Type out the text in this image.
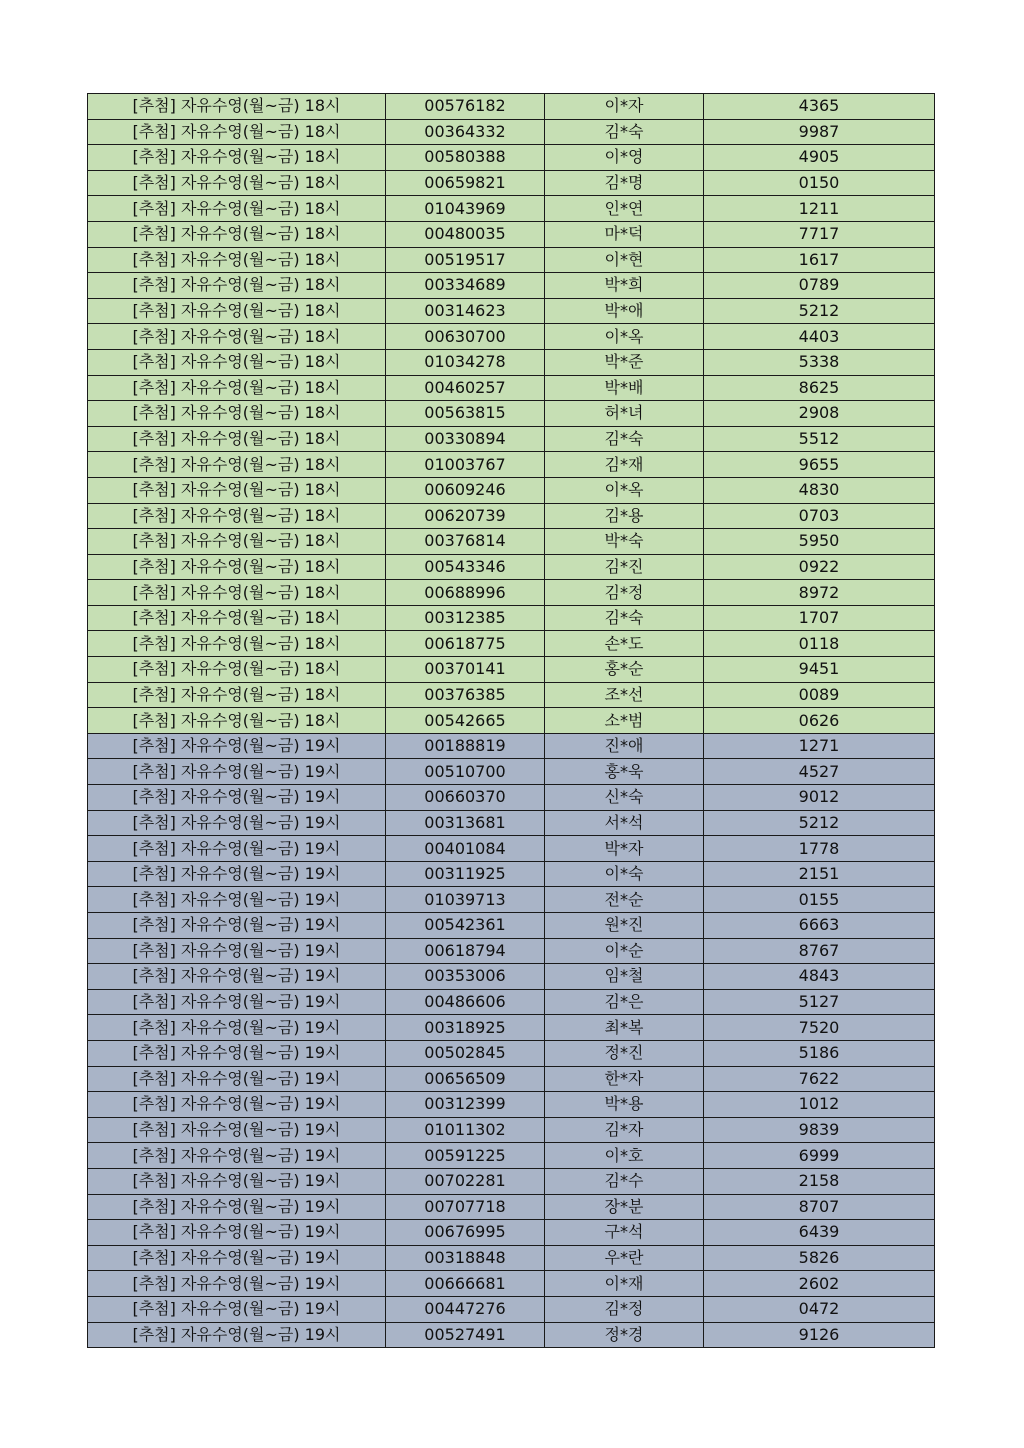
[추첨] 자유수영(월~금) 18시	00576182	이*자	4365
[추첨] 자유수영(월~금) 18시	00364332	김*숙	9987
[추첨] 자유수영(월~금) 18시	00580388	이*영	4905
[추첨] 자유수영(월~금) 18시	00659821	김*명	0150
[추첨] 자유수영(월~금) 18시	01043969	인*연	1211
[추첨] 자유수영(월~금) 18시	00480035	마*덕	7717
[추첨] 자유수영(월~금) 18시	00519517	이*현	1617
[추첨] 자유수영(월~금) 18시	00334689	박*희	0789
[추첨] 자유수영(월~금) 18시	00314623	박*애	5212
[추첨] 자유수영(월~금) 18시	00630700	이*옥	4403
[추첨] 자유수영(월~금) 18시	01034278	박*준	5338
[추첨] 자유수영(월~금) 18시	00460257	박*배	8625
[추첨] 자유수영(월~금) 18시	00563815	허*녀	2908
[추첨] 자유수영(월~금) 18시	00330894	김*숙	5512
[추첨] 자유수영(월~금) 18시	01003767	김*재	9655
[추첨] 자유수영(월~금) 18시	00609246	이*옥	4830
[추첨] 자유수영(월~금) 18시	00620739	김*용	0703
[추첨] 자유수영(월~금) 18시	00376814	박*숙	5950
[추첨] 자유수영(월~금) 18시	00543346	김*진	0922
[추첨] 자유수영(월~금) 18시	00688996	김*정	8972
[추첨] 자유수영(월~금) 18시	00312385	김*숙	1707
[추첨] 자유수영(월~금) 18시	00618775	손*도	0118
[추첨] 자유수영(월~금) 18시	00370141	홍*순	9451
[추첨] 자유수영(월~금) 18시	00376385	조*선	0089
[추첨] 자유수영(월~금) 18시	00542665	소*범	0626
[추첨] 자유수영(월~금) 19시	00188819	진*애	1271
[추첨] 자유수영(월~금) 19시	00510700	홍*욱	4527
[추첨] 자유수영(월~금) 19시	00660370	신*숙	9012
[추첨] 자유수영(월~금) 19시	00313681	서*석	5212
[추첨] 자유수영(월~금) 19시	00401084	박*자	1778
[추첨] 자유수영(월~금) 19시	00311925	이*숙	2151
[추첨] 자유수영(월~금) 19시	01039713	전*순	0155
[추첨] 자유수영(월~금) 19시	00542361	원*진	6663
[추첨] 자유수영(월~금) 19시	00618794	이*순	8767
[추첨] 자유수영(월~금) 19시	00353006	임*철	4843
[추첨] 자유수영(월~금) 19시	00486606	김*은	5127
[추첨] 자유수영(월~금) 19시	00318925	최*복	7520
[추첨] 자유수영(월~금) 19시	00502845	정*진	5186
[추첨] 자유수영(월~금) 19시	00656509	한*자	7622
[추첨] 자유수영(월~금) 19시	00312399	박*용	1012
[추첨] 자유수영(월~금) 19시	01011302	김*자	9839
[추첨] 자유수영(월~금) 19시	00591225	이*호	6999
[추첨] 자유수영(월~금) 19시	00702281	김*수	2158
[추첨] 자유수영(월~금) 19시	00707718	장*분	8707
[추첨] 자유수영(월~금) 19시	00676995	구*석	6439
[추첨] 자유수영(월~금) 19시	00318848	우*란	5826
[추첨] 자유수영(월~금) 19시	00666681	이*재	2602
[추첨] 자유수영(월~금) 19시	00447276	김*정	0472
[추첨] 자유수영(월~금) 19시	00527491	정*경	9126
